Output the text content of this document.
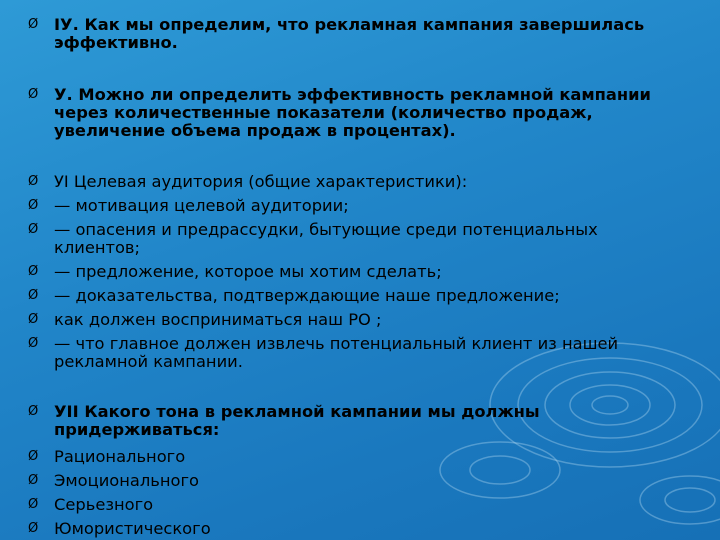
Ø IУ. Как мы определим, что рекламная кампания завершилась эффективно.
Ø У. Можно ли определить эффективность рекламной кампании через количественные показатели (количество продаж, увеличение объема продаж в процентах).
Ø УI Целевая аудитория (общие характеристики):
Ø — мотивация целевой аудитории;
Ø — опасения и предрассудки, бытующие среди потенциальных клиентов;
Ø — предложение, которое мы хотим сделать;
Ø — доказательства, подтверждающие наше предложение;
Ø как должен восприниматься наш PO ;
Ø — что главное должен извлечь потенциальный клиент из нашей рекламной кампании.
Ø УII Какого тона в рекламной кампании мы должны придерживаться:
Ø Рационального
Ø Эмоционального
Ø Серьезного
Ø Юмористического
